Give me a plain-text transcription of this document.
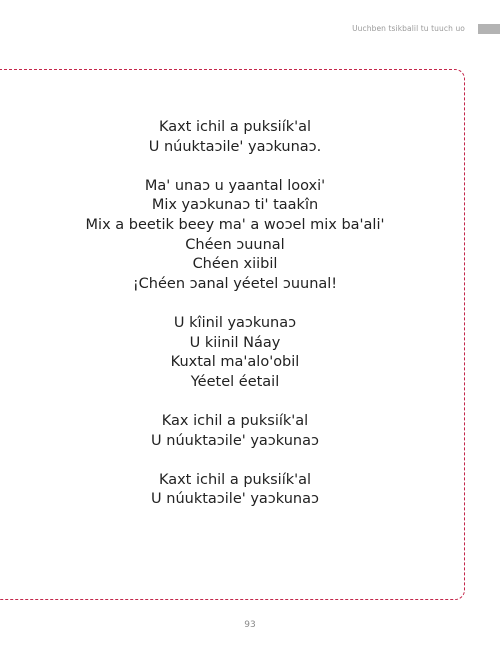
Uuchben tsikbalil tu tuuch uo
Kaxt ichil a puksiík'al
U núuktaɔile' yaɔkunaɔ.
Ma' unaɔ u yaantal looxi'
Mix yaɔkunaɔ ti' taakîn
Mix a beetik beey ma' a woɔel mix ba'ali'
Chéen ɔuunal
Chéen xiibil
¡Chéen ɔanal yéetel ɔuunal!
U kîinil yaɔkunaɔ
U kiinil Náay
Kuxtal ma'alo'obil
Yéetel éetail
Kax ichil a puksiík'al
U núuktaɔile' yaɔkunaɔ
Kaxt ichil a puksiík'al
U núuktaɔile' yaɔkunaɔ
93
